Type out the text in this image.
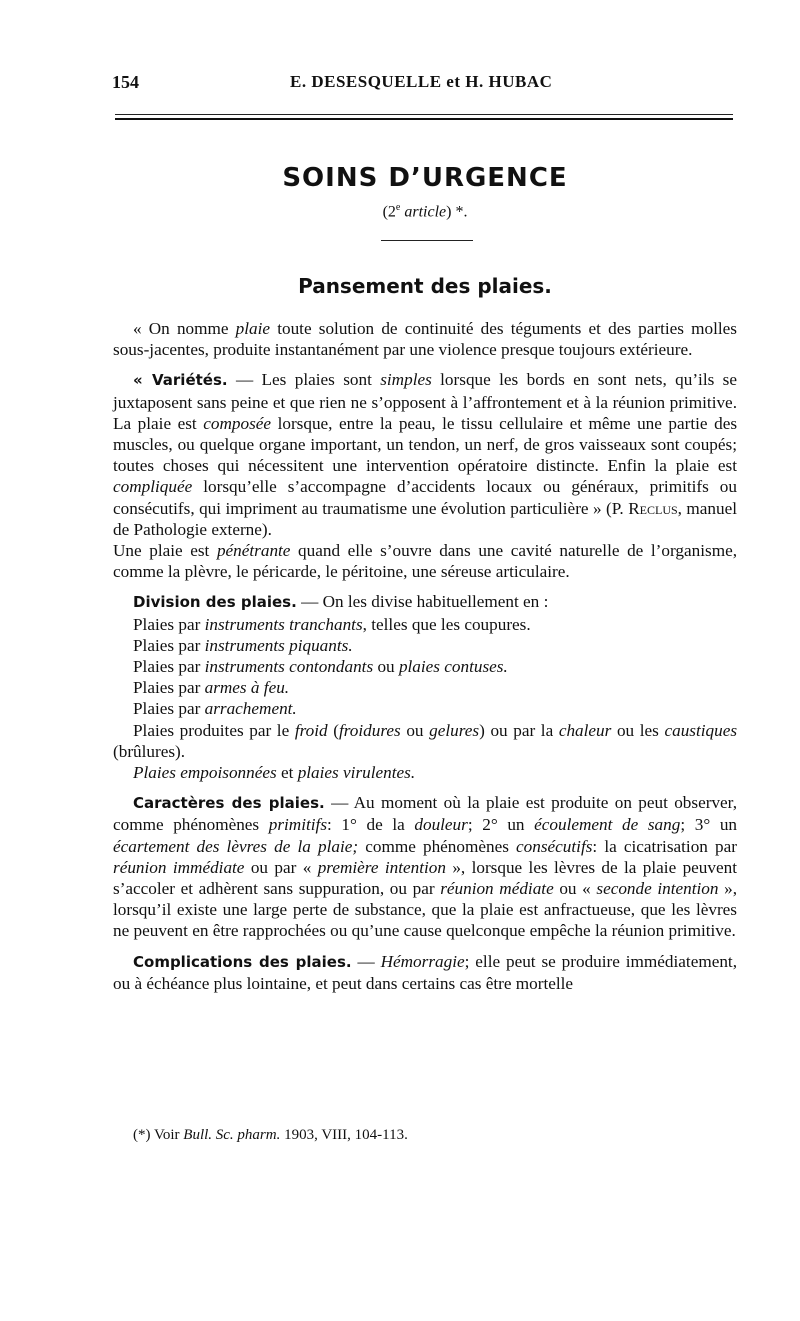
154	E. DESESQUELLE et H. HUBAC
SOINS D’URGENCE
(2e article) *.
Pansement des plaies.

« On nomme plaie toute solution de continuité des téguments et des parties molles sous-jacentes, produite instantanément par une violence presque toujours extérieure.

« Variétés. — Les plaies sont simples lorsque les bords en sont nets, qu’ils se juxtaposent sans peine et que rien ne s’opposent à l’affrontement et à la réunion primitive. La plaie est composée lorsque, entre la peau, le tissu cellulaire et même une partie des muscles, ou quelque organe important, un tendon, un nerf, de gros vaisseaux sont coupés; toutes choses qui nécessitent une intervention opératoire distincte. Enfin la plaie est compliquée lorsqu’elle s’accompagne d’accidents locaux ou généraux, primitifs ou consécutifs, qui impriment au traumatisme une évolution particulière » (P. Reclus, manuel de Pathologie externe).

Une plaie est pénétrante quand elle s’ouvre dans une cavité naturelle de l’organisme, comme la plèvre, le péricarde, le péritoine, une séreuse articulaire.

Division des plaies. — On les divise habituellement en :

Plaies par instruments tranchants, telles que les coupures.

Plaies par instruments piquants.

Plaies par instruments contondants ou plaies contuses.

Plaies par armes à feu.

Plaies par arrachement.

Plaies produites par le froid (froidures ou gelures) ou par la chaleur ou les caustiques (brûlures).

Plaies empoisonnées et plaies virulentes.

Caractères des plaies. — Au moment où la plaie est produite on peut observer, comme phénomènes primitifs: 1° de la douleur; 2° un écoulement de sang; 3° un écartement des lèvres de la plaie; comme phénomènes consécutifs: la cicatrisation par réunion immédiate ou par « première intention », lorsque les lèvres de la plaie peuvent s’accoler et adhèrent sans suppuration, ou par réunion médiate ou « seconde intention », lorsqu’il existe une large perte de substance, que la plaie est anfractueuse, que les lèvres ne peuvent en être rapprochées ou qu’une cause quelconque empêche la réunion primitive.

Complications des plaies. — Hémorragie; elle peut se produire immédiatement, ou à échéance plus lointaine, et peut dans certains cas être mortelle

(*) Voir Bull. Sc. pharm. 1903, VIII, 104-113.
